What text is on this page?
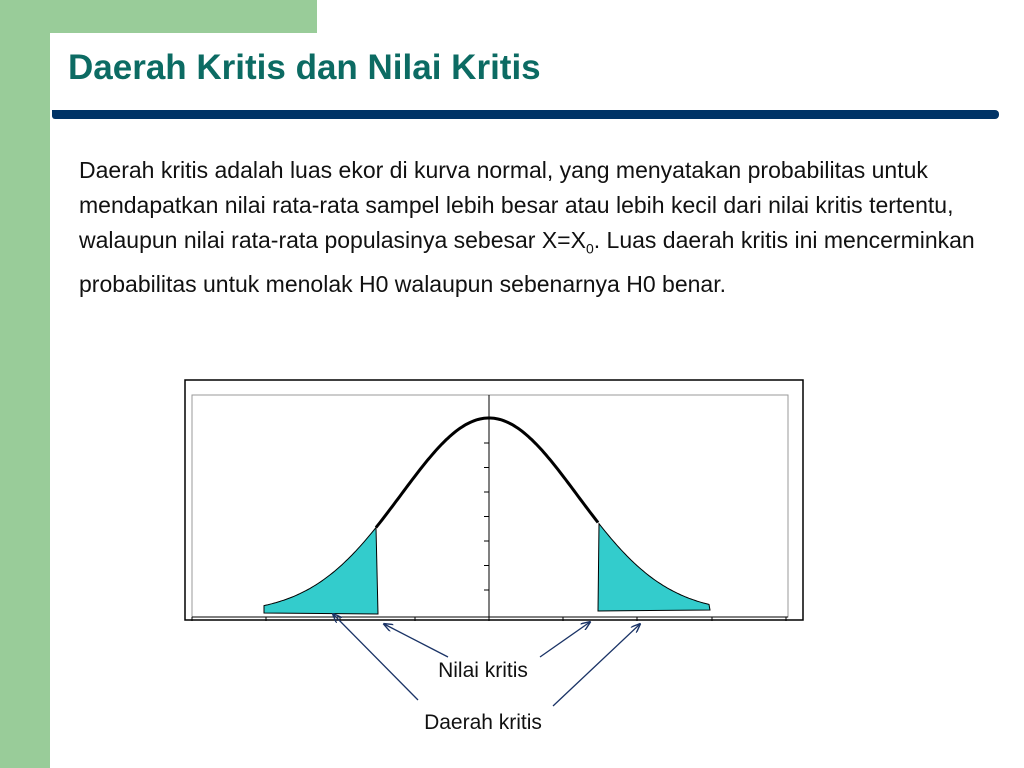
Daerah Kritis dan Nilai Kritis

Daerah kritis adalah luas ekor di kurva normal, yang menyatakan probabilitas untuk mendapatkan nilai rata-rata sampel lebih besar atau lebih kecil dari nilai kritis tertentu, walaupun nilai rata-rata populasinya sebesar $X=X_0$. Luas daerah kritis ini mencerminkan probabilitas untuk menolak H0 walaupun sebenarnya H0 benar.

Nilai kritis
Daerah kritis
